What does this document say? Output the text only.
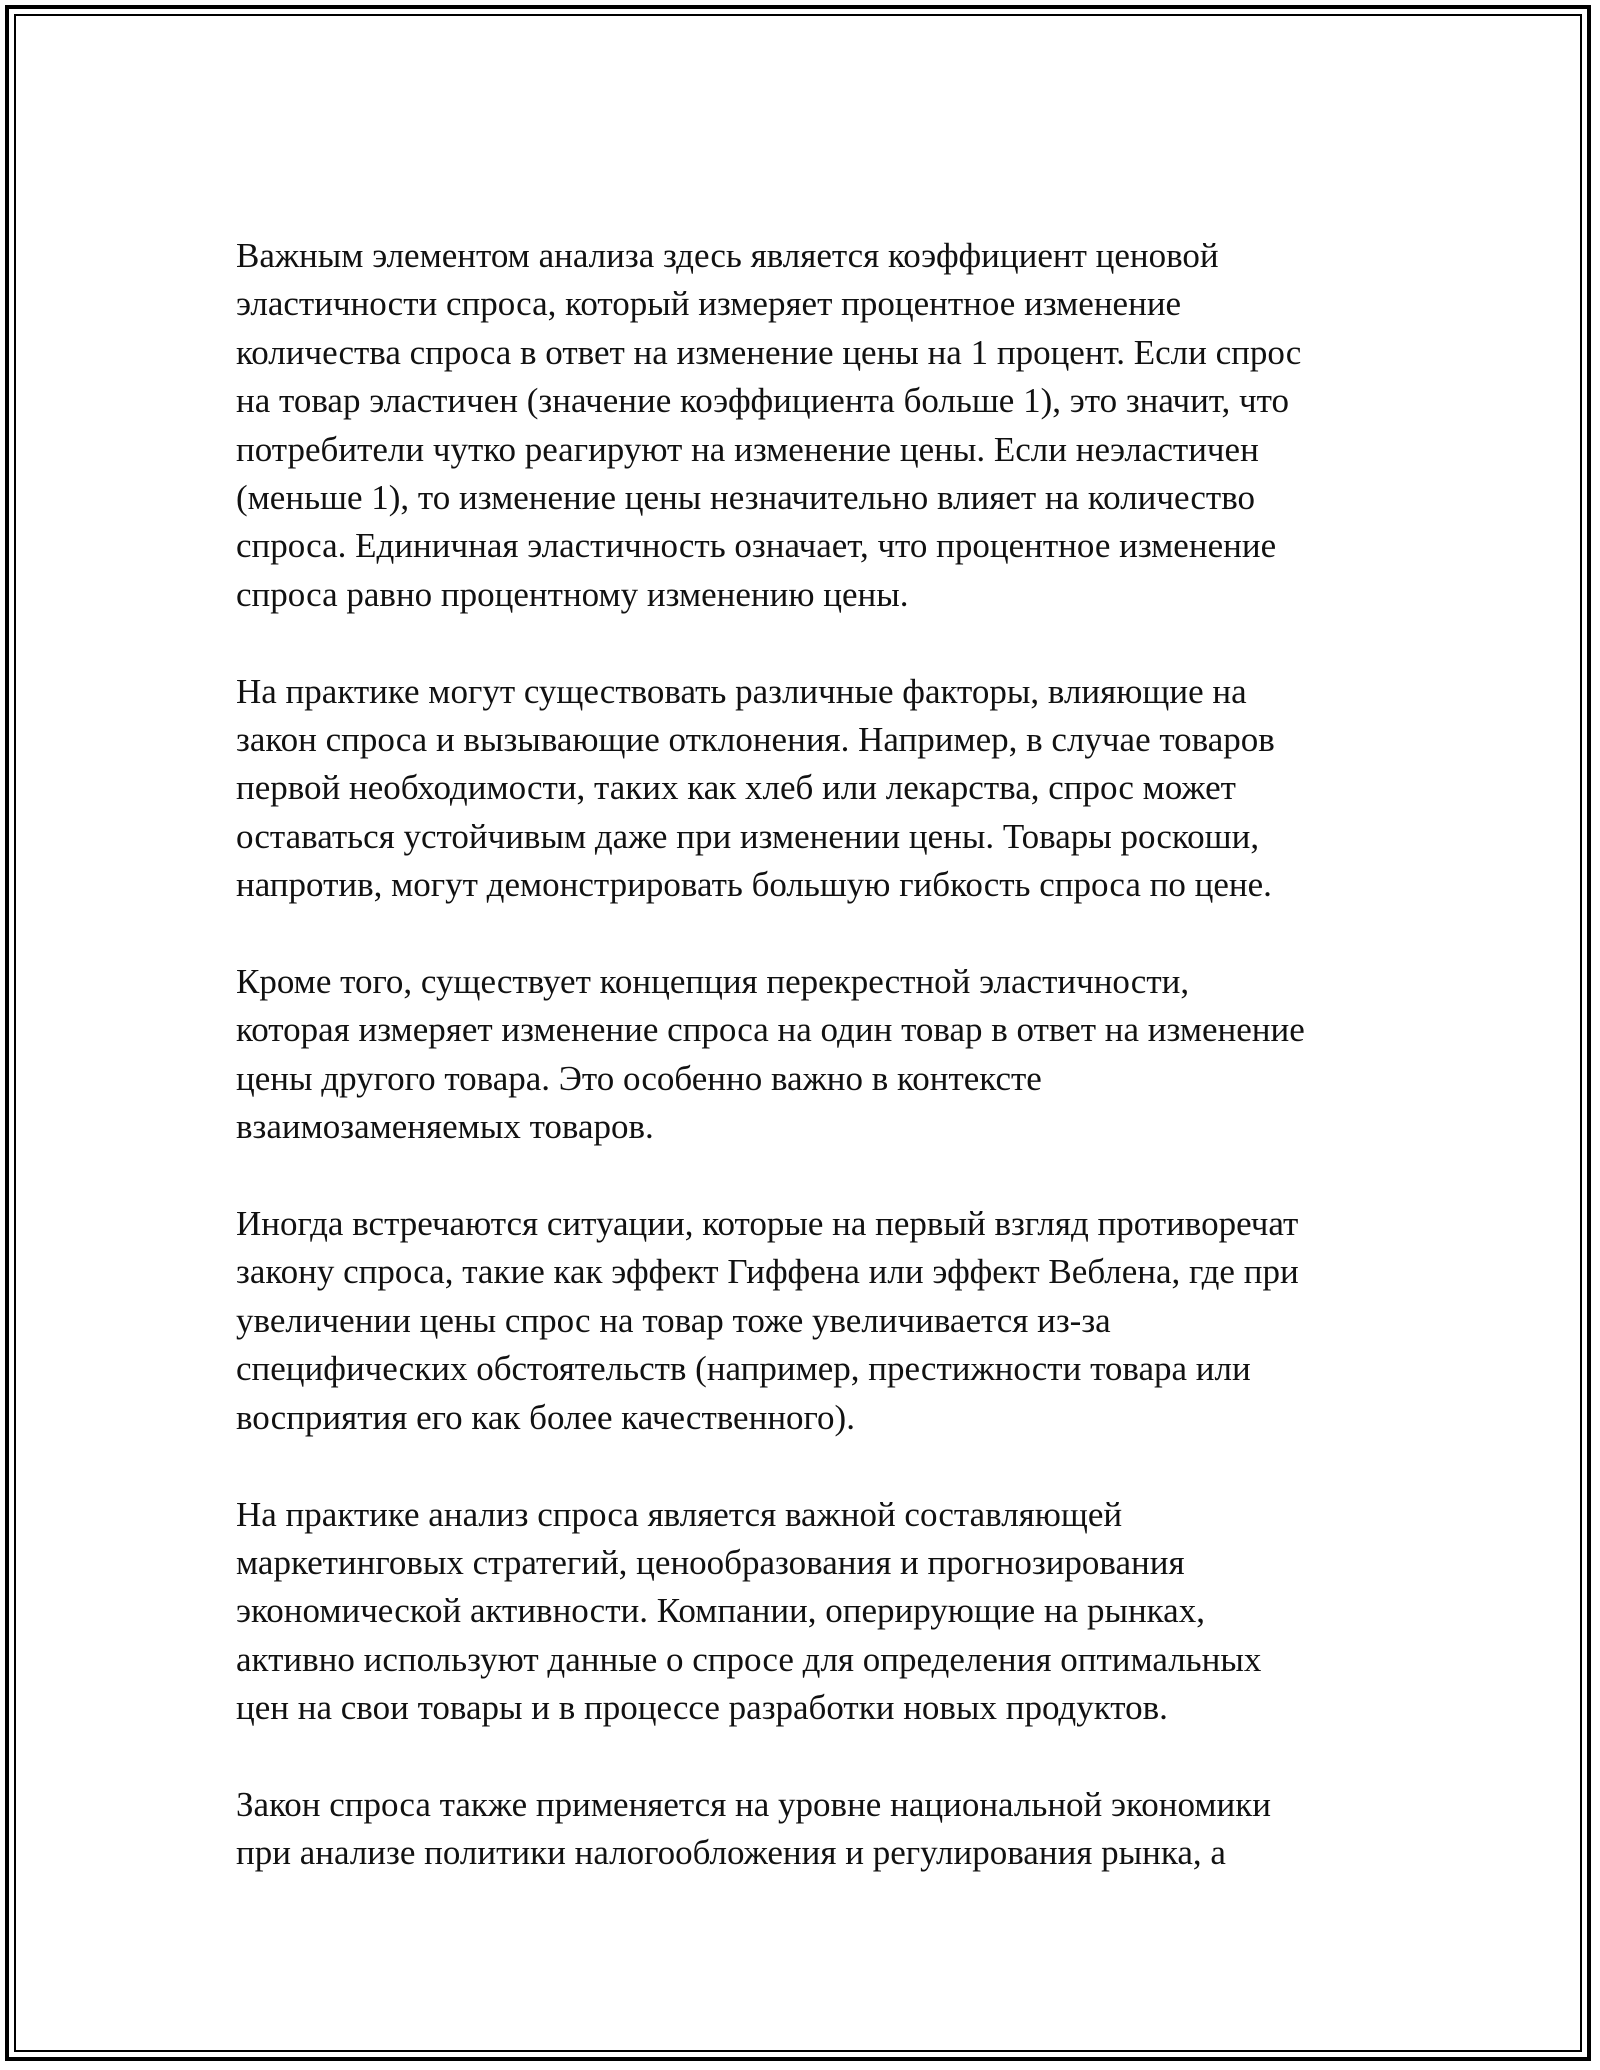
Важным элементом анализа здесь является коэффициент ценовой
эластичности спроса, который измеряет процентное изменение
количества спроса в ответ на изменение цены на 1 процент. Если спрос
на товар эластичен (значение коэффициента больше 1), это значит, что
потребители чутко реагируют на изменение цены. Если неэластичен
(меньше 1), то изменение цены незначительно влияет на количество
спроса. Единичная эластичность означает, что процентное изменение
спроса равно процентному изменению цены.

На практике могут существовать различные факторы, влияющие на
закон спроса и вызывающие отклонения. Например, в случае товаров
первой необходимости, таких как хлеб или лекарства, спрос может
оставаться устойчивым даже при изменении цены. Товары роскоши,
напротив, могут демонстрировать большую гибкость спроса по цене.

Кроме того, существует концепция перекрестной эластичности,
которая измеряет изменение спроса на один товар в ответ на изменение
цены другого товара. Это особенно важно в контексте
взаимозаменяемых товаров.

Иногда встречаются ситуации, которые на первый взгляд противоречат
закону спроса, такие как эффект Гиффена или эффект Веблена, где при
увеличении цены спрос на товар тоже увеличивается из-за
специфических обстоятельств (например, престижности товара или
восприятия его как более качественного).

На практике анализ спроса является важной составляющей
маркетинговых стратегий, ценообразования и прогнозирования
экономической активности. Компании, оперирующие на рынках,
активно используют данные о спросе для определения оптимальных
цен на свои товары и в процессе разработки новых продуктов.

Закон спроса также применяется на уровне национальной экономики
при анализе политики налогообложения и регулирования рынка, а
